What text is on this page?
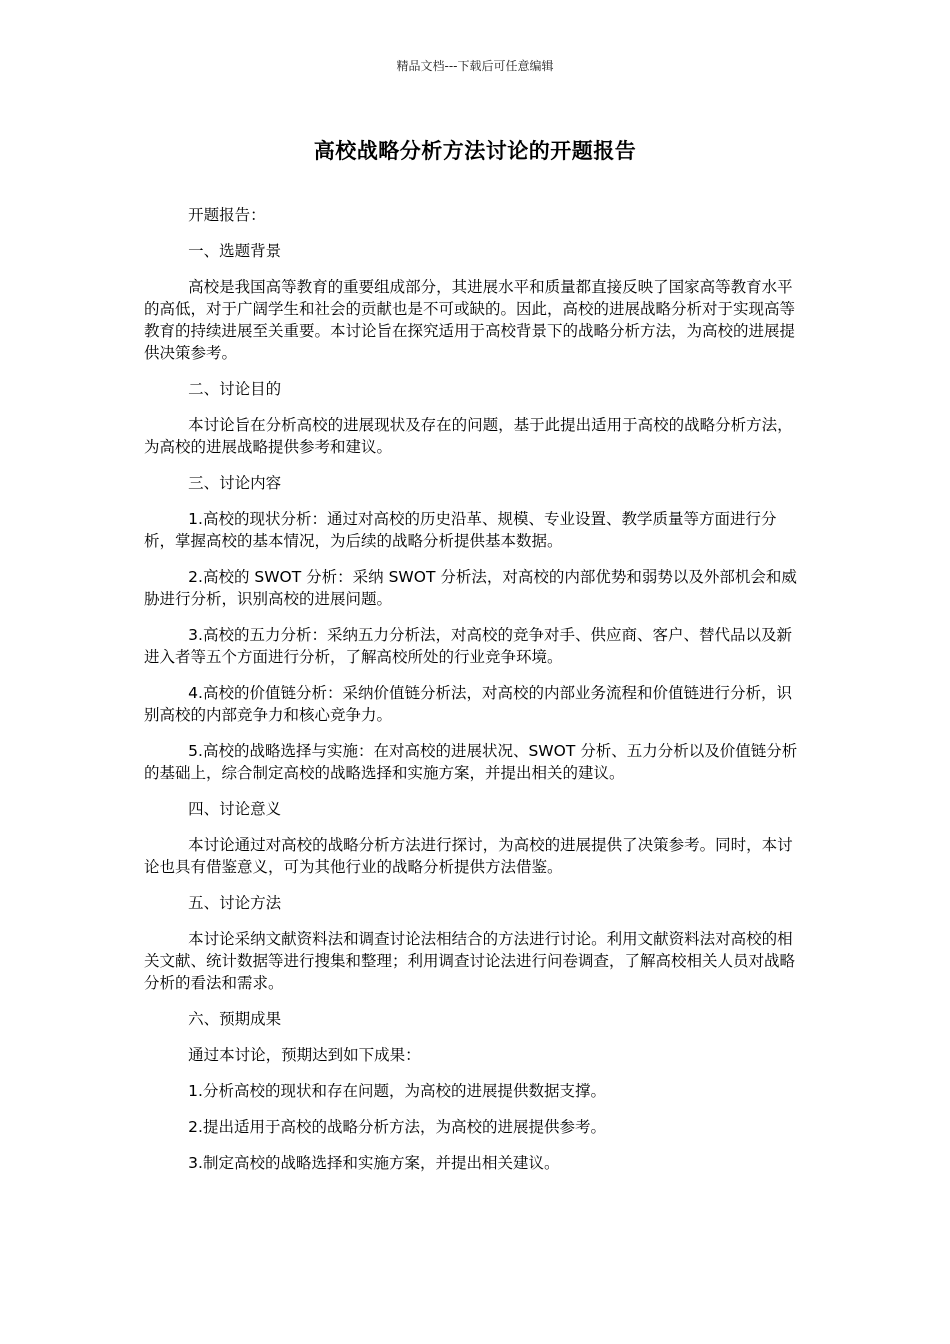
精品文档---下载后可任意编辑
高校战略分析方法讨论的开题报告

开题报告：

一、选题背景

高校是我国高等教育的重要组成部分，其进展水平和质量都直接反映了国家高等教育水平的高低，对于广阔学生和社会的贡献也是不可或缺的。因此，高校的进展战略分析对于实现高等教育的持续进展至关重要。本讨论旨在探究适用于高校背景下的战略分析方法，为高校的进展提供决策参考。

二、讨论目的

本讨论旨在分析高校的进展现状及存在的问题，基于此提出适用于高校的战略分析方法，为高校的进展战略提供参考和建议。

三、讨论内容

1.高校的现状分析：通过对高校的历史沿革、规模、专业设置、教学质量等方面进行分析，掌握高校的基本情况，为后续的战略分析提供基本数据。

2.高校的 SWOT 分析：采纳 SWOT 分析法，对高校的内部优势和弱势以及外部机会和威胁进行分析，识别高校的进展问题。

3.高校的五力分析：采纳五力分析法，对高校的竞争对手、供应商、客户、替代品以及新进入者等五个方面进行分析，了解高校所处的行业竞争环境。

4.高校的价值链分析：采纳价值链分析法，对高校的内部业务流程和价值链进行分析，识别高校的内部竞争力和核心竞争力。

5.高校的战略选择与实施：在对高校的进展状况、SWOT 分析、五力分析以及价值链分析的基础上，综合制定高校的战略选择和实施方案，并提出相关的建议。

四、讨论意义

本讨论通过对高校的战略分析方法进行探讨，为高校的进展提供了决策参考。同时，本讨论也具有借鉴意义，可为其他行业的战略分析提供方法借鉴。

五、讨论方法

本讨论采纳文献资料法和调查讨论法相结合的方法进行讨论。利用文献资料法对高校的相关文献、统计数据等进行搜集和整理；利用调查讨论法进行问卷调查，了解高校相关人员对战略分析的看法和需求。

六、预期成果

通过本讨论，预期达到如下成果：

1.分析高校的现状和存在问题，为高校的进展提供数据支撑。

2.提出适用于高校的战略分析方法，为高校的进展提供参考。

3.制定高校的战略选择和实施方案，并提出相关建议。
